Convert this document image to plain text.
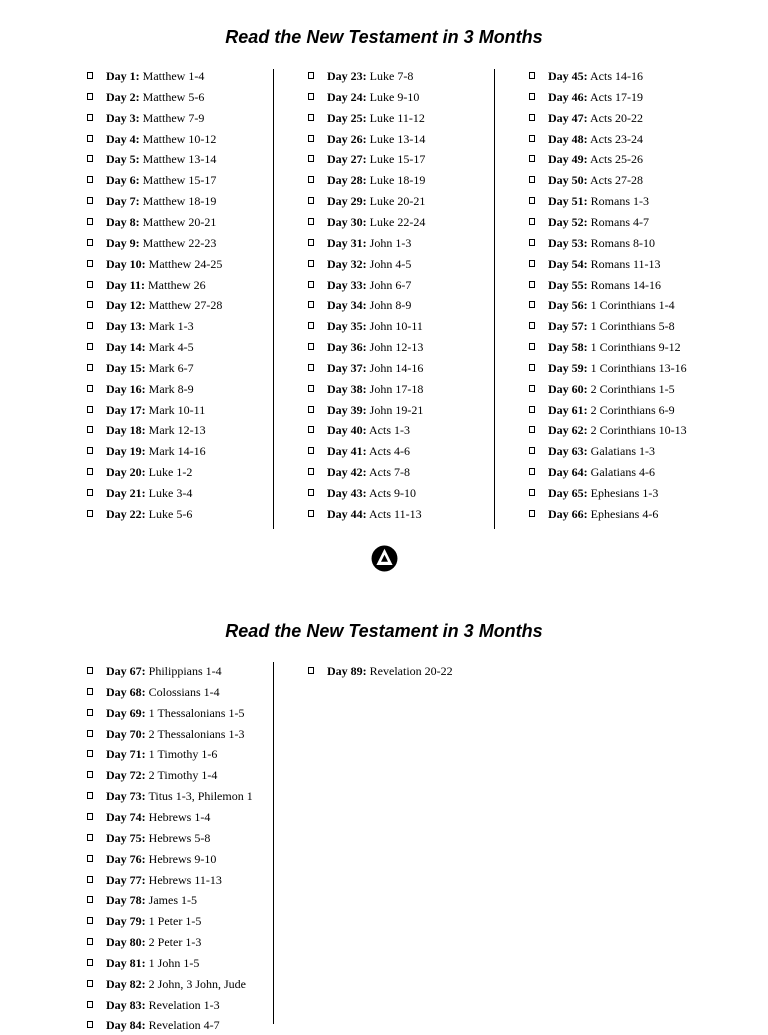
Read the New Testament in 3 Months
Day 1: Matthew 1-4
Day 2: Matthew 5-6
Day 3: Matthew 7-9
Day 4: Matthew 10-12
Day 5: Matthew 13-14
Day 6: Matthew 15-17
Day 7: Matthew 18-19
Day 8: Matthew 20-21
Day 9: Matthew 22-23
Day 10: Matthew 24-25
Day 11: Matthew 26
Day 12: Matthew 27-28
Day 13: Mark 1-3
Day 14: Mark 4-5
Day 15: Mark 6-7
Day 16: Mark 8-9
Day 17: Mark 10-11
Day 18: Mark 12-13
Day 19: Mark 14-16
Day 20: Luke 1-2
Day 21: Luke 3-4
Day 22: Luke 5-6
Day 23: Luke 7-8
Day 24: Luke 9-10
Day 25: Luke 11-12
Day 26: Luke 13-14
Day 27: Luke 15-17
Day 28: Luke 18-19
Day 29: Luke 20-21
Day 30: Luke 22-24
Day 31: John 1-3
Day 32: John 4-5
Day 33: John 6-7
Day 34: John 8-9
Day 35: John 10-11
Day 36: John 12-13
Day 37: John 14-16
Day 38: John 17-18
Day 39: John 19-21
Day 40: Acts 1-3
Day 41: Acts 4-6
Day 42: Acts 7-8
Day 43: Acts 9-10
Day 44: Acts 11-13
Day 45: Acts 14-16
Day 46: Acts 17-19
Day 47: Acts 20-22
Day 48: Acts 23-24
Day 49: Acts 25-26
Day 50: Acts 27-28
Day 51: Romans 1-3
Day 52: Romans 4-7
Day 53: Romans 8-10
Day 54: Romans 11-13
Day 55: Romans 14-16
Day 56: 1 Corinthians 1-4
Day 57: 1 Corinthians 5-8
Day 58: 1 Corinthians 9-12
Day 59: 1 Corinthians 13-16
Day 60: 2 Corinthians 1-5
Day 61: 2 Corinthians 6-9
Day 62: 2 Corinthians 10-13
Day 63: Galatians 1-3
Day 64: Galatians 4-6
Day 65: Ephesians 1-3
Day 66: Ephesians 4-6
Read the New Testament in 3 Months
Day 67: Philippians 1-4
Day 68: Colossians 1-4
Day 69: 1 Thessalonians 1-5
Day 70: 2 Thessalonians 1-3
Day 71: 1 Timothy 1-6
Day 72: 2 Timothy 1-4
Day 73: Titus 1-3, Philemon 1
Day 74: Hebrews 1-4
Day 75: Hebrews 5-8
Day 76: Hebrews 9-10
Day 77: Hebrews 11-13
Day 78: James 1-5
Day 79: 1 Peter 1-5
Day 80: 2 Peter 1-3
Day 81: 1 John 1-5
Day 82: 2 John, 3 John, Jude
Day 83: Revelation 1-3
Day 84: Revelation 4-7
Day 89: Revelation 20-22
